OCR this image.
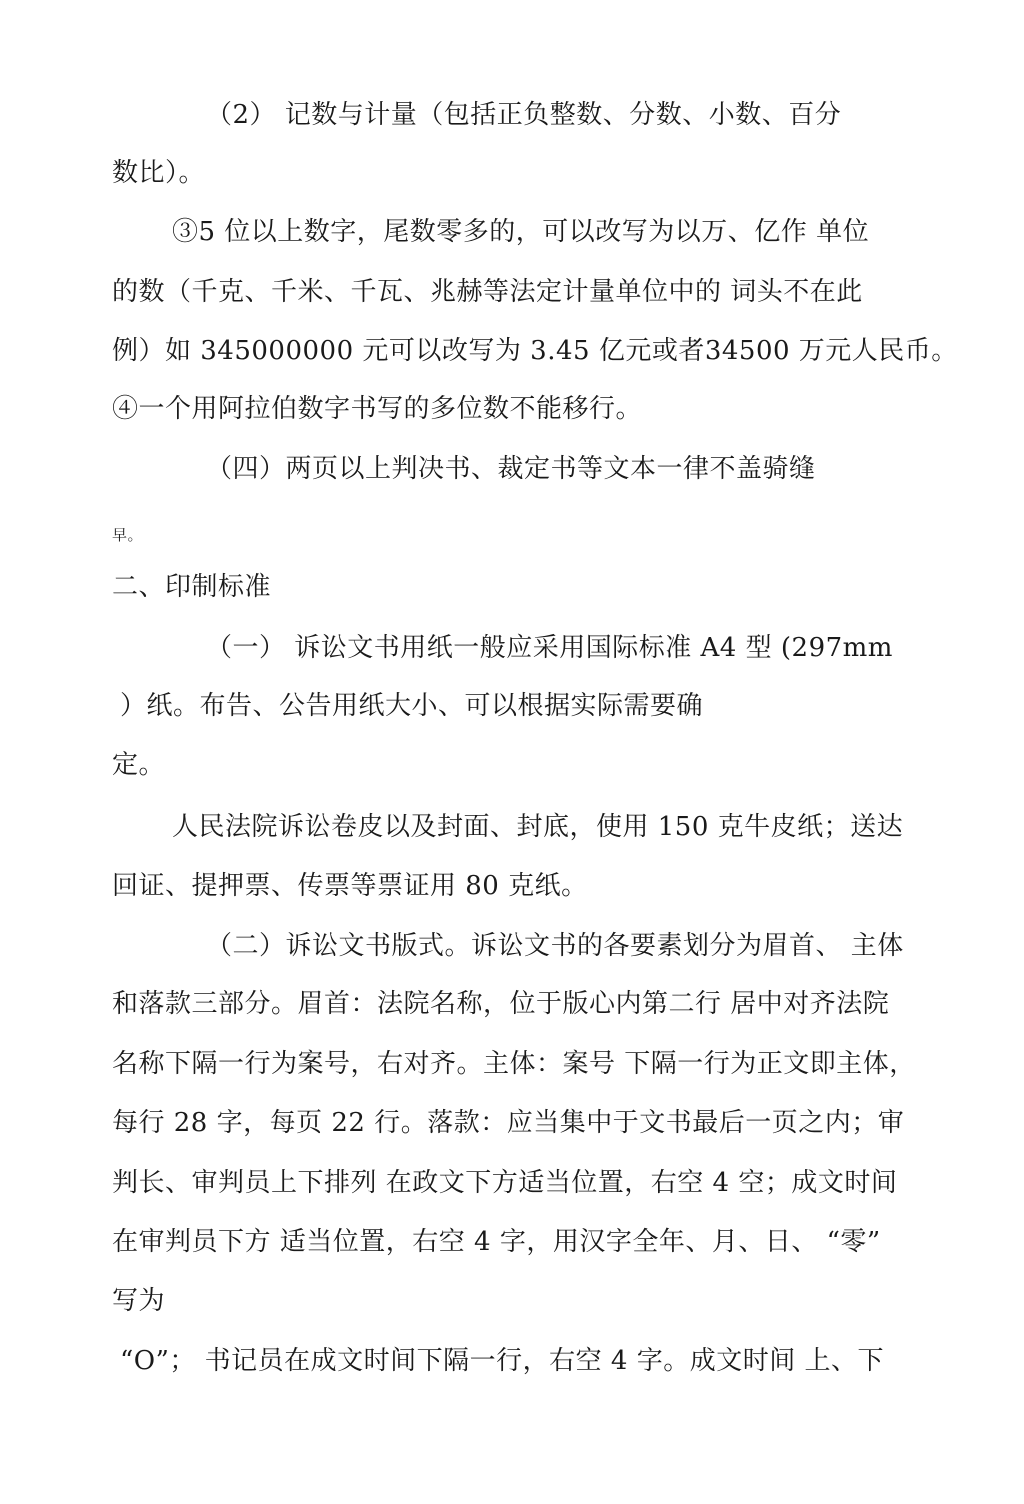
（2） 记数与计量（包括正负整数、分数、小数、百分
数比）。
③5 位以上数字，尾数零多的，可以改写为以万、亿作 单位
的数（千克、千米、千瓦、兆赫等法定计量单位中的 词头不在此
例）如 345000000 元可以改写为 3.45 亿元或者34500 万元人民币。
④一个用阿拉伯数字书写的多位数不能移行。
（四）两页以上判决书、裁定书等文本一律不盖骑缝
早。
二、印制标准
（一） 诉讼文书用纸一般应采用国际标准 A4 型 (297mm
）纸。布告、公告用纸大小、可以根据实际需要确
定。
人民法院诉讼卷皮以及封面、封底，使用 150 克牛皮纸；送达
回证、提押票、传票等票证用 80 克纸。
（二）诉讼文书版式。诉讼文书的各要素划分为眉首、 主体
和落款三部分。眉首：法院名称，位于版心内第二行 居中对齐法院
名称下隔一行为案号，右对齐。主体：案号 下隔一行为正文即主体，
每行 28 字，每页 22 行。落款：应当集中于文书最后一页之内；审
判长、审判员上下排列 在政文下方适当位置，右空 4 空；成文时间
在审判员下方 适当位置，右空 4 字，用汉字全年、月、日、 “零”
写为
“O”； 书记员在成文时间下隔一行，右空 4 字。成文时间 上、下
